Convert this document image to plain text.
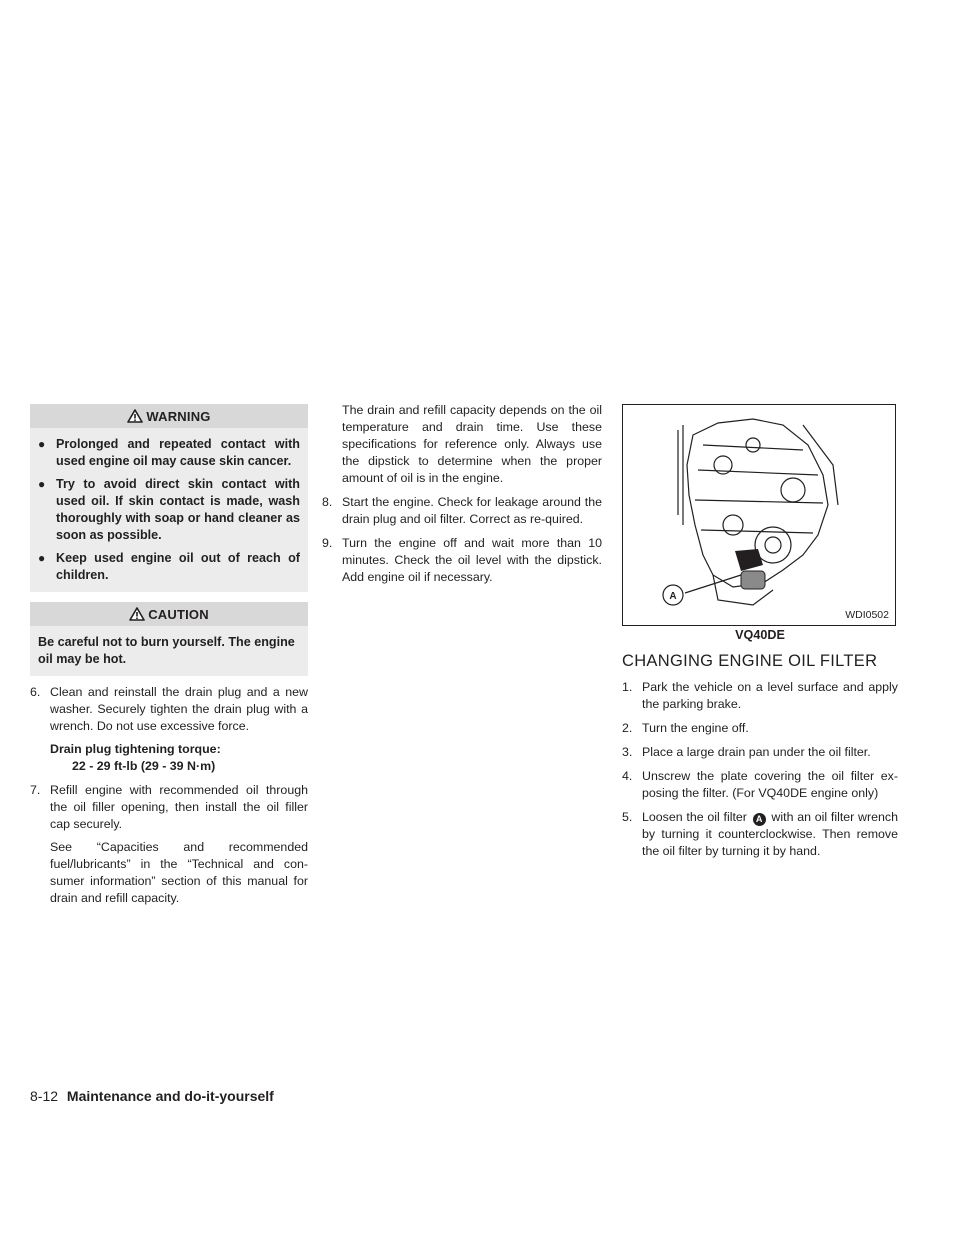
WARNING
● Prolonged and repeated contact with used engine oil may cause skin cancer.
● Try to avoid direct skin contact with used oil. If skin contact is made, wash thoroughly with soap or hand cleaner as soon as possible.
● Keep used engine oil out of reach of children.
CAUTION
Be careful not to burn yourself. The engine oil may be hot.
6. Clean and reinstall the drain plug and a new washer. Securely tighten the drain plug with a wrench. Do not use excessive force.

Drain plug tightening torque:
22 - 29 ft-lb (29 - 39 N·m)
7. Refill engine with recommended oil through the oil filler opening, then install the oil filler cap securely.

See “Capacities and recommended fuel/lubricants” in the “Technical and con-sumer information” section of this manual for drain and refill capacity.

The drain and refill capacity depends on the oil temperature and drain time. Use these specifications for reference only. Always use the dipstick to determine when the proper amount of oil is in the engine.

8. Start the engine. Check for leakage around the drain plug and oil filter. Correct as re-quired.
9. Turn the engine off and wait more than 10 minutes. Check the oil level with the dipstick. Add engine oil if necessary.
A
WDI0502
VQ40DE
CHANGING ENGINE OIL FILTER
1. Park the vehicle on a level surface and apply the parking brake.
2. Turn the engine off.
3. Place a large drain pan under the oil filter.
4. Unscrew the plate covering the oil filter ex-posing the filter. (For VQ40DE engine only)
5. Loosen the oil filter A with an oil filter wrench by turning it counterclockwise. Then remove the oil filter by turning it by hand.
8-12 Maintenance and do-it-yourself
